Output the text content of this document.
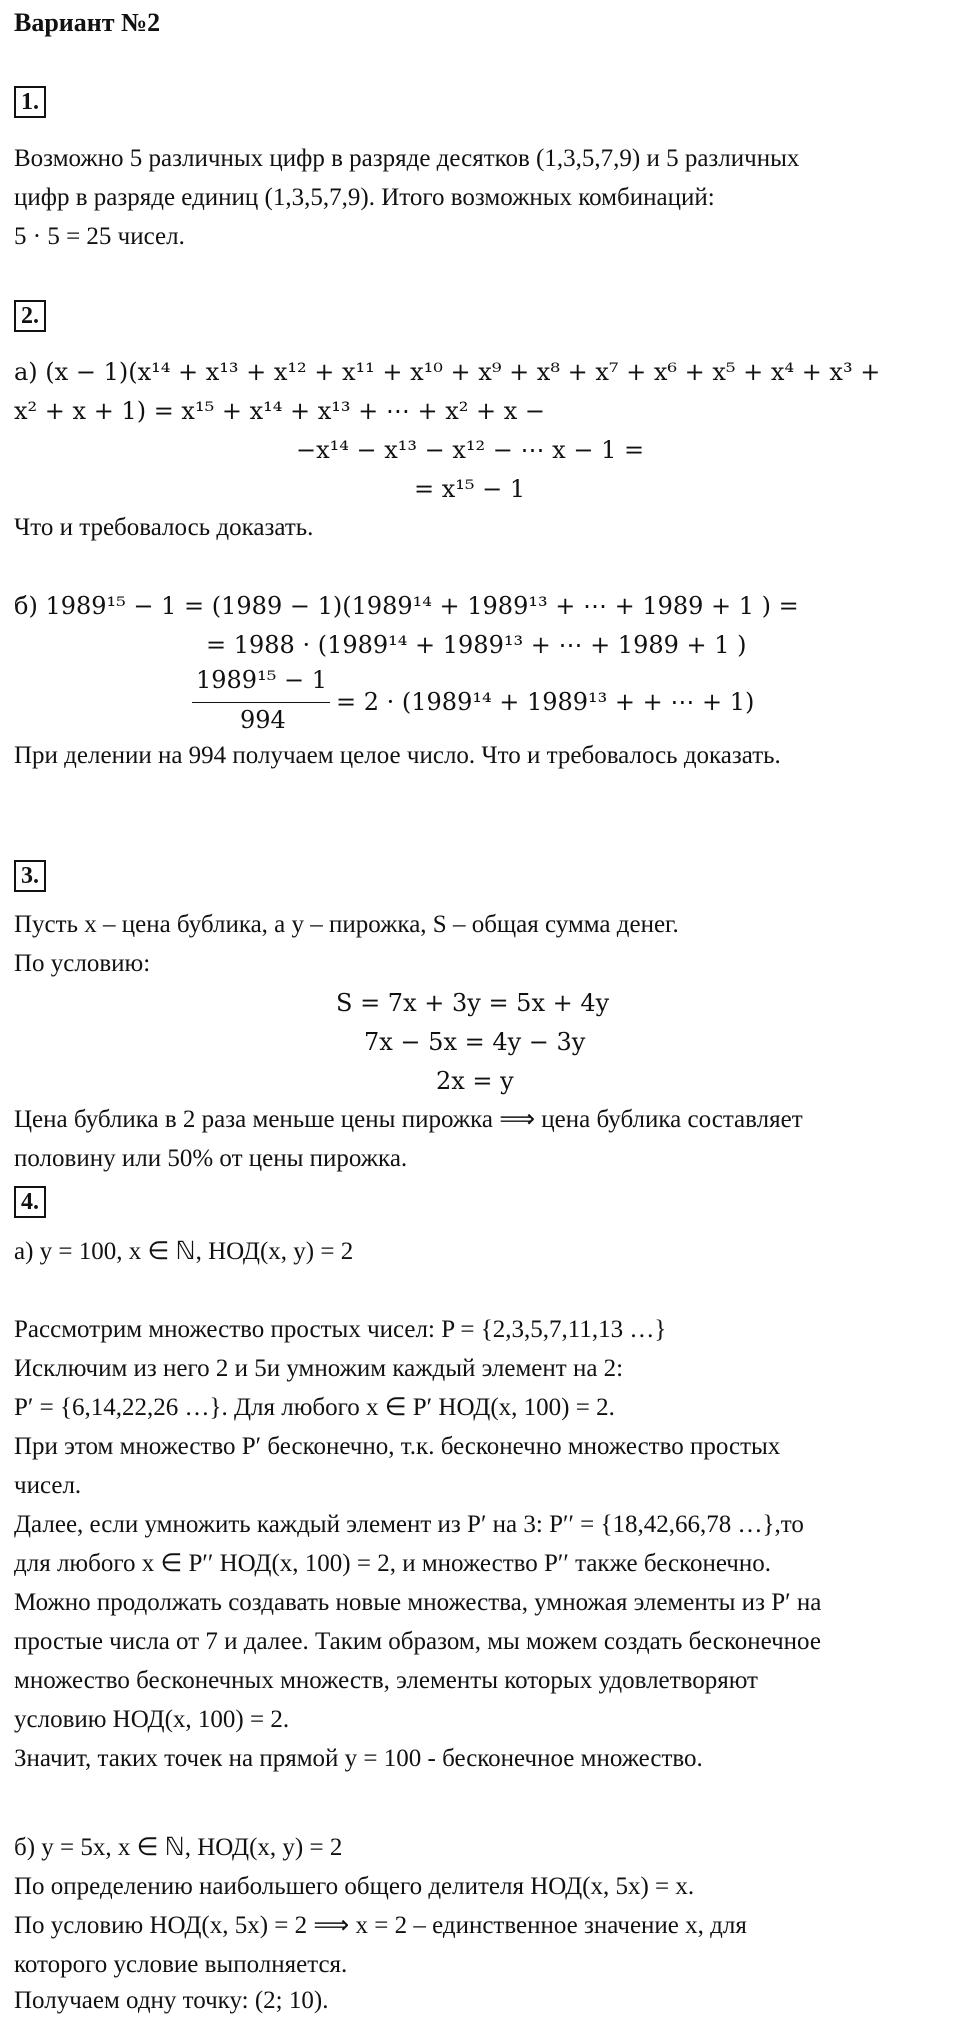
Вариант №2
1.
Возможно 5 различных цифр в разряде десятков (1,3,5,7,9) и 5 различных
цифр в разряде единиц (1,3,5,7,9). Итого возможных комбинаций:
5 · 5 = 25 чисел.
2.
а) (x − 1)(x¹⁴ + x¹³ + x¹² + x¹¹ + x¹⁰ + x⁹ + x⁸ + x⁷ + x⁶ + x⁵ + x⁴ + x³ +
x² + x + 1) = x¹⁵ + x¹⁴ + x¹³ + ⋯ + x² + x −
−x¹⁴ − x¹³ − x¹² − ⋯ x − 1 =
= x¹⁵ − 1
Что и требовалось доказать.
б) 1989¹⁵ − 1 = (1989 − 1)(1989¹⁴ + 1989¹³ + ⋯ + 1989 + 1 ) =
= 1988 · (1989¹⁴ + 1989¹³ + ⋯ + 1989 + 1 )
1989¹⁵ − 1
994
= 2 · (1989¹⁴ + 1989¹³ + + ⋯ + 1)
При делении на 994 получаем целое число. Что и требовалось доказать.
3.
Пусть x – цена бублика, а y – пирожка, S – общая сумма денег.
По условию:
S = 7x + 3y = 5x + 4y
7x − 5x = 4y − 3y
2x = y
Цена бублика в 2 раза меньше цены пирожка ⟹ цена бублика составляет
половину или 50% от цены пирожка.
4.
а) y = 100, x ∈ ℕ, НОД(x, y) = 2
Рассмотрим множество простых чисел: P = {2,3,5,7,11,13 …}
Исключим из него 2 и 5и умножим каждый элемент на 2:
P′ = {6,14,22,26 …}. Для любого x ∈ P′ НОД(x, 100) = 2.
При этом множество P′ бесконечно, т.к. бесконечно множество простых
чисел.
Далее, если умножить каждый элемент из P′ на 3: P′′ = {18,42,66,78 …},то
для любого x ∈ P′′ НОД(x, 100) = 2, и множество P′′ также бесконечно.
Можно продолжать создавать новые множества, умножая элементы из P′ на
простые числа от 7 и далее. Таким образом, мы можем создать бесконечное
множество бесконечных множеств, элементы которых удовлетворяют
условию НОД(x, 100) = 2.
Значит, таких точек на прямой y = 100 - бесконечное множество.
б) y = 5x, x ∈ ℕ, НОД(x, y) = 2
По определению наибольшего общего делителя НОД(x, 5x) = x.
По условию НОД(x, 5x) = 2 ⟹ x = 2 – единственное значение x, для
которого условие выполняется.
Получаем одну точку: (2; 10).
